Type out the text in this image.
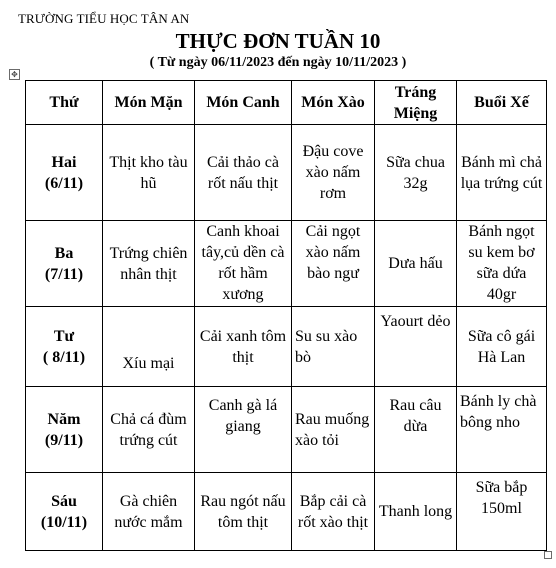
TRƯỜNG TIỂU HỌC TÂN AN
THỰC ĐƠN TUẦN 10
( Từ ngày 06/11/2023 đến ngày 10/11/2023 )
✥
Thứ	Món Mặn	Món Canh	Món Xào	Tráng Miệng	Buổi Xế

Hai
(6/11)	Thịt kho tàu hũ	Cải thảo cà rốt nấu thịt	Đậu cove xào nấm rơm	Sữa chua 32g	Bánh mì chả lụa trứng cút

Ba
(7/11)	Trứng chiên nhân thịt	Canh khoai tây,củ dền cà rốt hầm xương	Cải ngọt xào nấm bào ngư	Dưa hấu	Bánh ngọt su kem bơ sữa dứa 40gr

Tư
( 8/11)	Xíu mại	Cải xanh tôm thịt	Su su xào bò	Yaourt dẻo	Sữa cô gái Hà Lan

Năm
(9/11)	Chả cá đùm trứng cút	Canh gà lá giang	Rau muống xào tỏi	Rau câu dừa	Bánh ly chà bông nho

Sáu
(10/11)	Gà chiên nước mắm	Rau ngót nấu tôm thịt	Bắp cải cà rốt xào thịt	Thanh long	Sữa bắp 150ml
